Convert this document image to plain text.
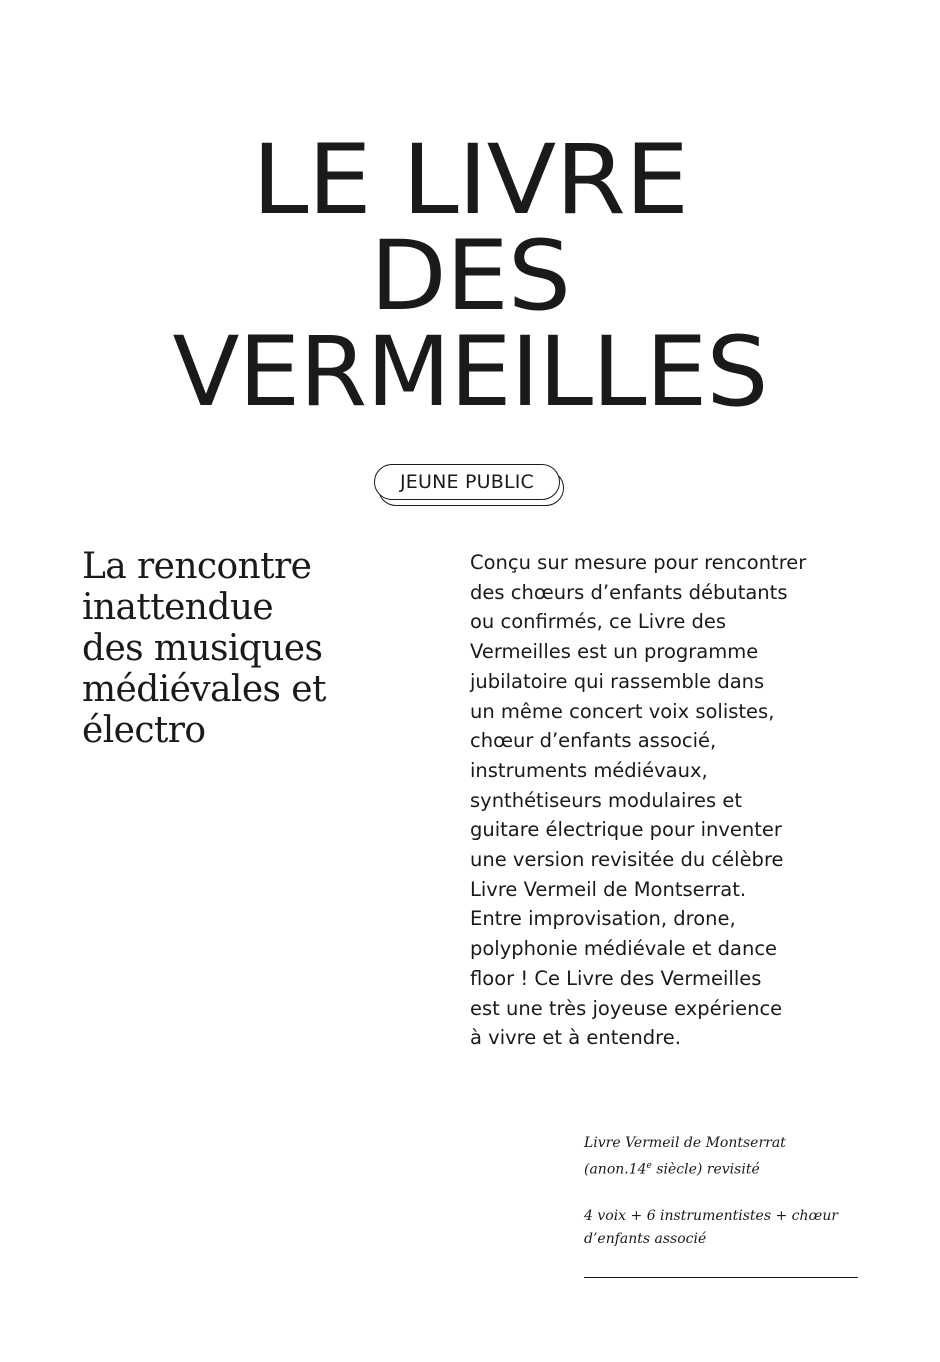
LE LIVRE
DES
VERMEILLES
JEUNE PUBLIC
La rencontre
inattendue
des musiques
médiévales et
électro

Conçu sur mesure pour rencontrer
des chœurs d’enfants débutants
ou confirmés, ce Livre des
Vermeilles est un programme
jubilatoire qui rassemble dans
un même concert voix solistes,
chœur d’enfants associé,
instruments médiévaux,
synthétiseurs modulaires et
guitare électrique pour inventer
une version revisitée du célèbre
Livre Vermeil de Montserrat.
Entre improvisation, drone,
polyphonie médiévale et dance
floor ! Ce Livre des Vermeilles
est une très joyeuse expérience
à vivre et à entendre.

Livre Vermeil de Montserrat
(anon.14e siècle) revisité
4 voix + 6 instrumentistes + chœur
d’enfants associé
